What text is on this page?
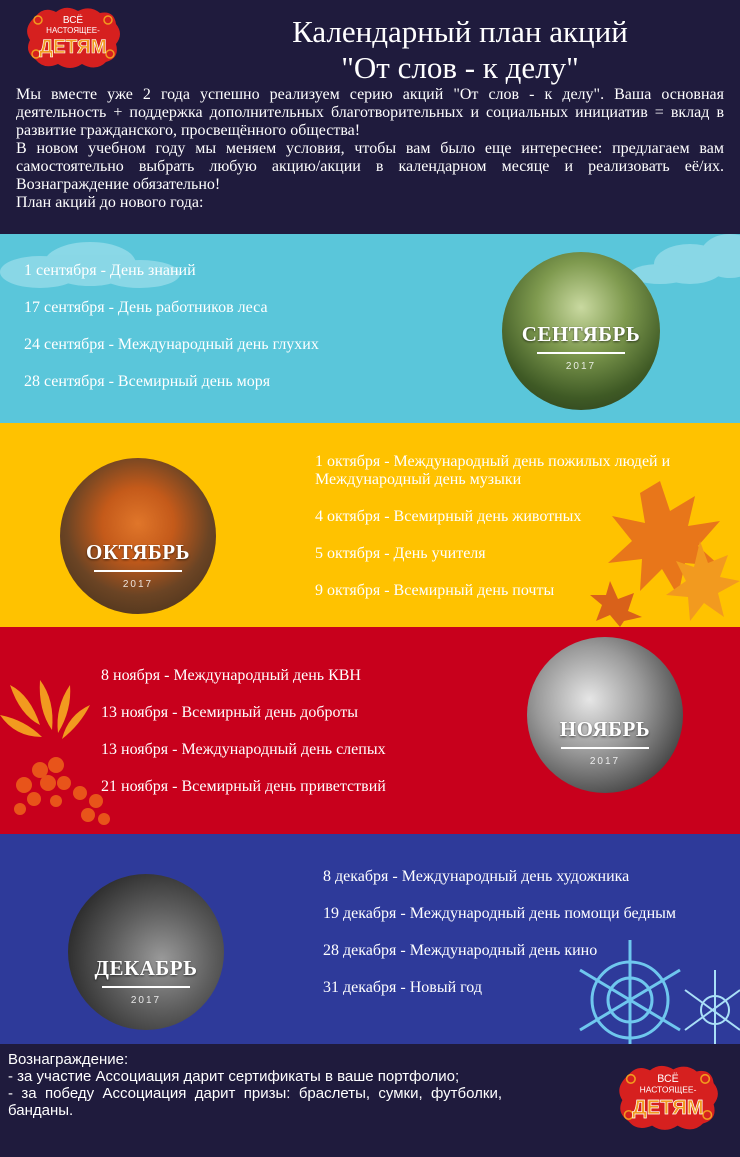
ВСЁ
НАСТОЯЩЕЕ-
ДЕТЯМ	Календарный план акций
"От слов - к делу"

Мы вместе уже 2 года успешно реализуем серию акций "От слов - к делу". Ваша основная деятельность + поддержка дополнительных благотворительных и социальных инициатив = вклад в развитие гражданского, просвещённого общества!

В новом учебном году мы меняем условия, чтобы вам было еще интереснее: предлагаем вам самостоятельно выбрать любую акцию/акции в календарном месяце и реализовать её/их. Вознаграждение обязательно!

План акций до нового года:

1 сентября - День знаний
17 сентября - День работников леса
24 сентября - Международный день глухих
28 сентября - Всемирный день моря
СЕНТЯБРЬ
2017
ОКТЯБРЬ
2017
1 октября - Международный день пожилых людей и Международный день музыки
4 октября - Всемирный день животных
5 октября - День учителя
9 октября - Всемирный день почты
8 ноября - Международный день КВН
13 ноября - Всемирный день доброты
13 ноября - Международный день слепых
21 ноября - Всемирный день приветствий
НОЯБРЬ
2017
ДЕКАБРЬ
2017
8 декабря - Международный день художника
19 декабря - Международный день помощи бедным
28 декабря - Международный день кино
31 декабря - Новый год

Вознаграждение:

- за участие Ассоциация дарит сертификаты в ваше портфолио;

- за победу Ассоциация дарит призы: браслеты, сумки, футболки, банданы.

ВСЁ
НАСТОЯЩЕЕ-
ДЕТЯМ
